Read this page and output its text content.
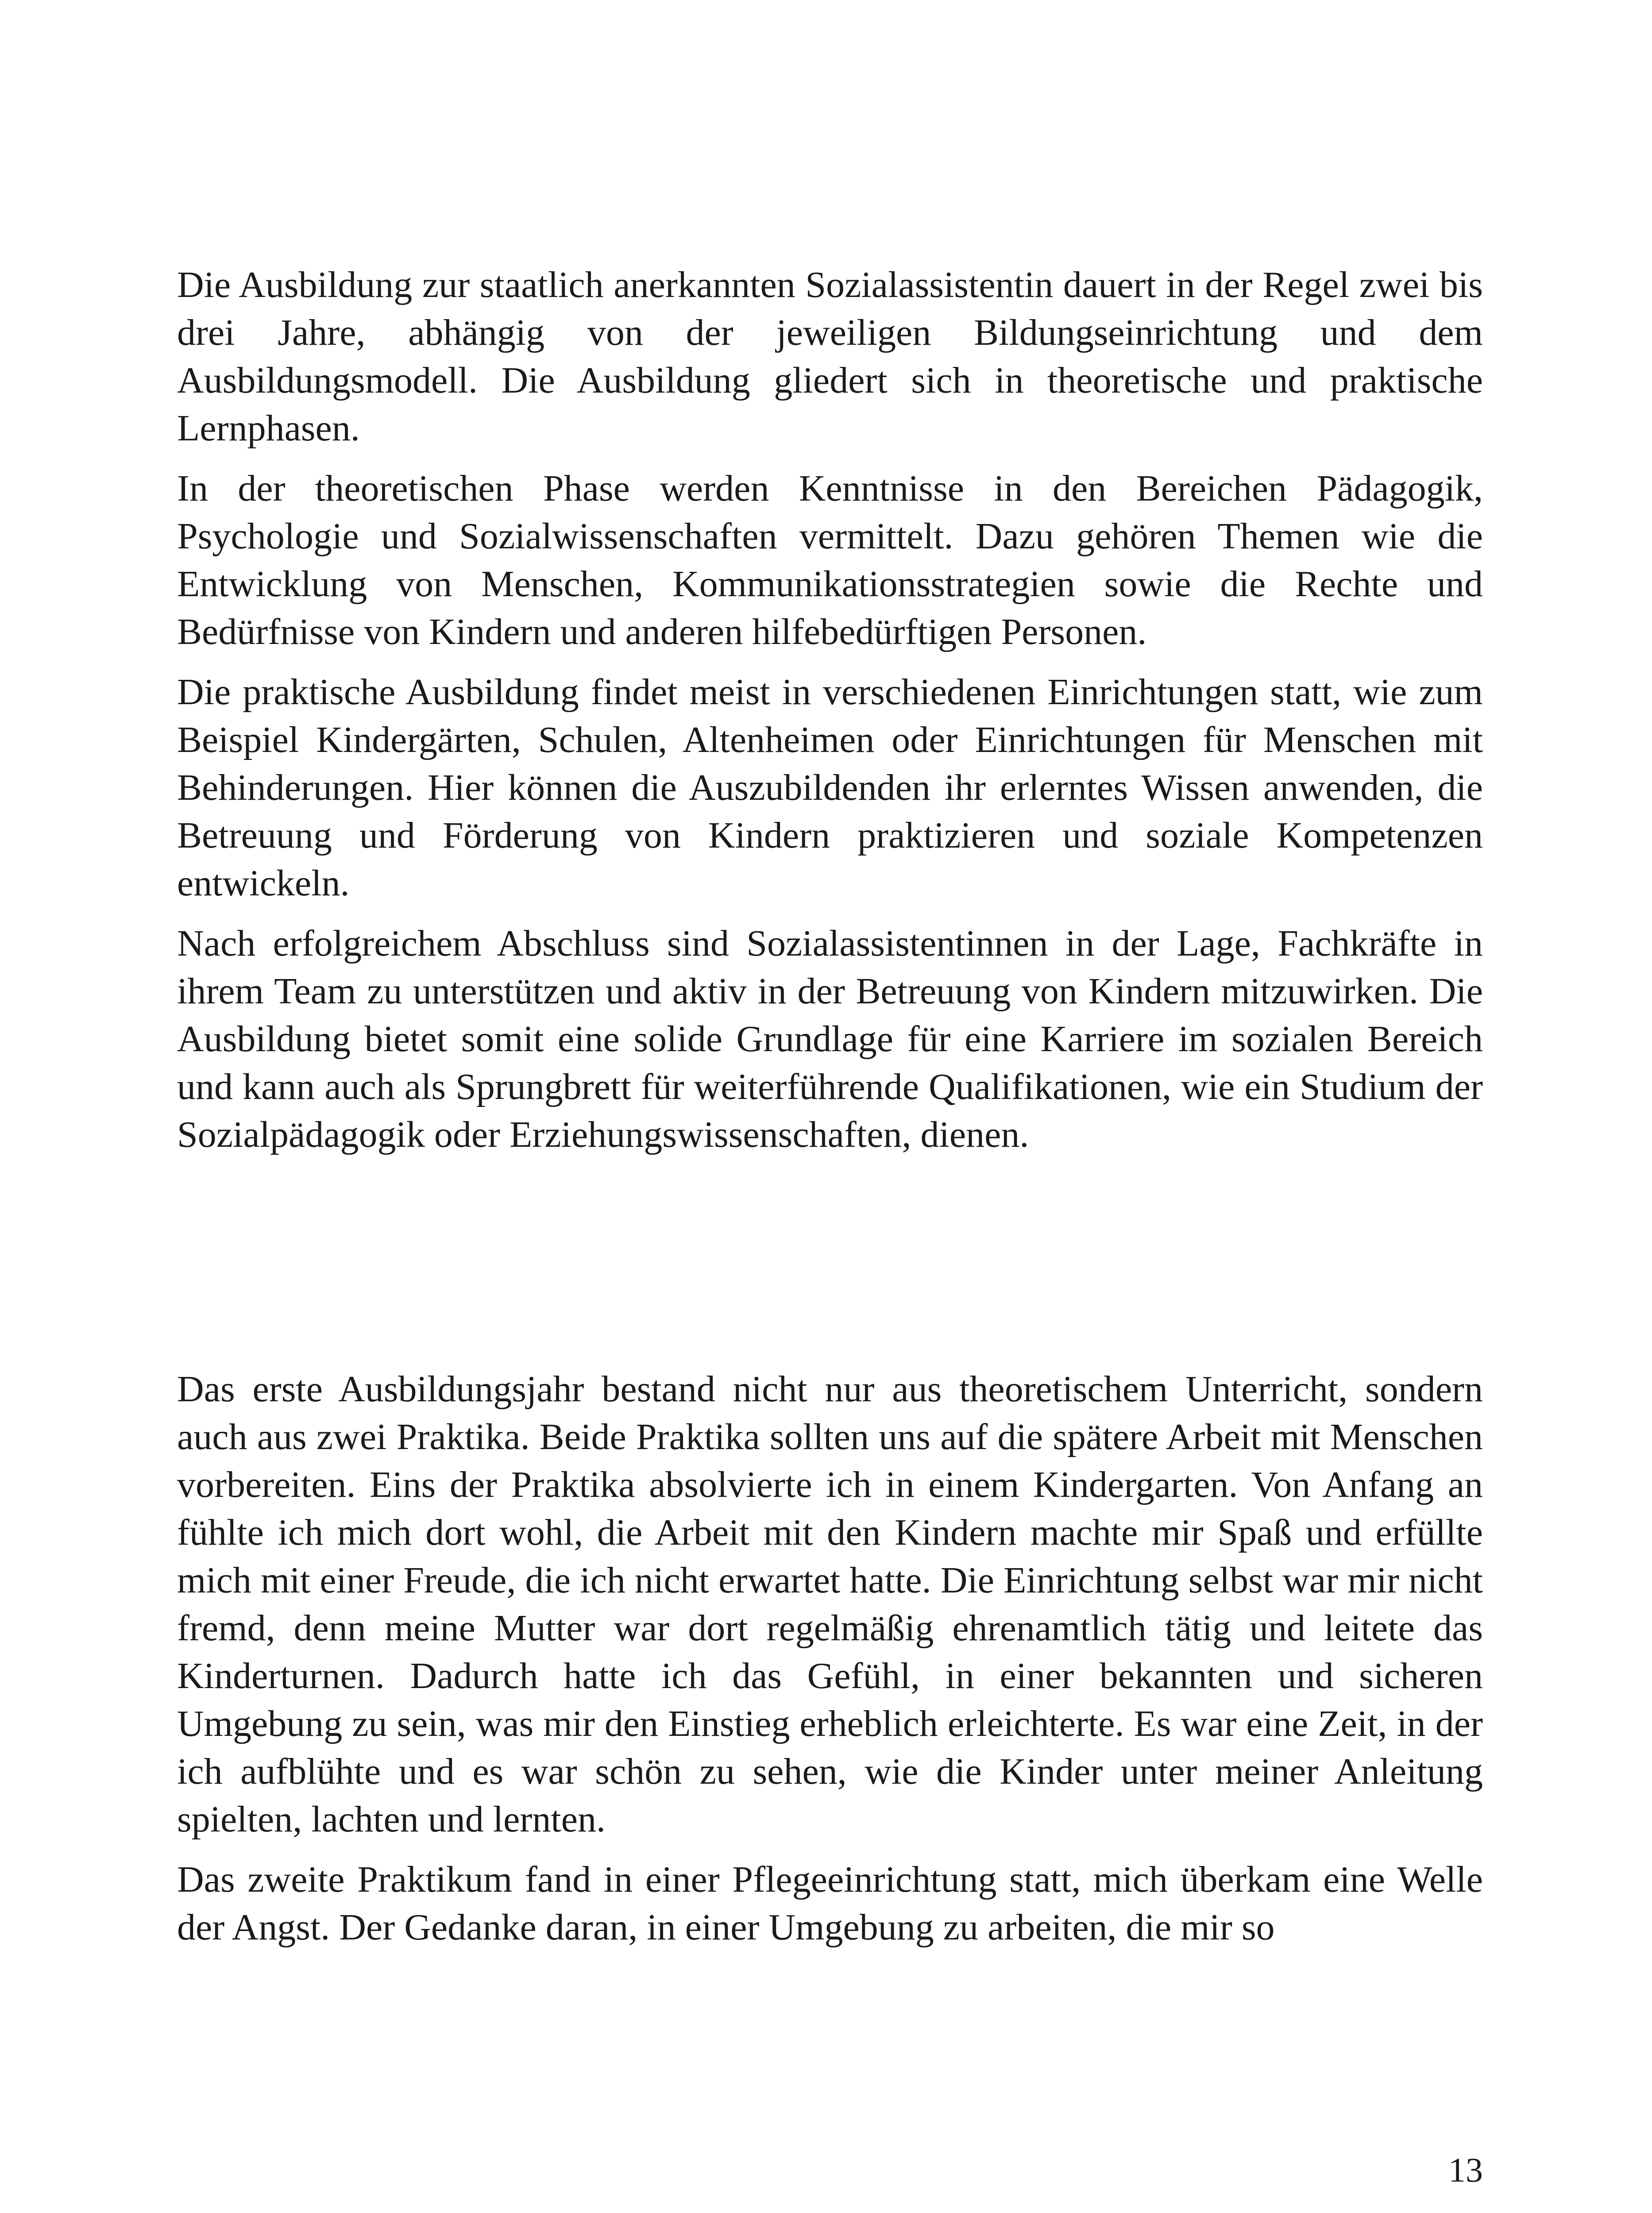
Die Ausbildung zur staatlich anerkannten Sozialassistentin dauert in der Regel zwei bis drei Jahre, abhängig von der jeweiligen Bildungseinrichtung und dem Ausbildungsmodell. Die Ausbildung gliedert sich in theoretische und praktische Lernphasen.

In der theoretischen Phase werden Kenntnisse in den Bereichen Pädagogik, Psychologie und Sozialwissenschaften vermittelt. Dazu gehören Themen wie die Entwicklung von Menschen, Kommunikationsstrategien sowie die Rechte und Bedürfnisse von Kindern und anderen hilfebedürftigen Personen.

Die praktische Ausbildung findet meist in verschiedenen Einrichtungen statt, wie zum Beispiel Kindergärten, Schulen, Altenheimen oder Einrichtungen für Menschen mit Behinderungen. Hier können die Auszubildenden ihr erlerntes Wissen anwenden, die Betreuung und Förderung von Kindern praktizieren und soziale Kompetenzen entwickeln.

Nach erfolgreichem Abschluss sind Sozialassistentinnen in der Lage, Fachkräfte in ihrem Team zu unterstützen und aktiv in der Betreuung von Kindern mitzuwirken. Die Ausbildung bietet somit eine solide Grundlage für eine Karriere im sozialen Bereich und kann auch als Sprungbrett für weiterführende Qualifikationen, wie ein Studium der Sozialpädagogik oder Erziehungswissenschaften, dienen.

Das erste Ausbildungsjahr bestand nicht nur aus theoretischem Unterricht, sondern auch aus zwei Praktika. Beide Praktika sollten uns auf die spätere Arbeit mit Menschen vorbereiten. Eins der Praktika absolvierte ich in einem Kindergarten. Von Anfang an fühlte ich mich dort wohl, die Arbeit mit den Kindern machte mir Spaß und erfüllte mich mit einer Freude, die ich nicht erwartet hatte. Die Einrichtung selbst war mir nicht fremd, denn meine Mutter war dort regelmäßig ehrenamtlich tätig und leitete das Kinderturnen. Dadurch hatte ich das Gefühl, in einer bekannten und sicheren Umgebung zu sein, was mir den Einstieg erheblich erleichterte. Es war eine Zeit, in der ich aufblühte und es war schön zu sehen, wie die Kinder unter meiner Anleitung spielten, lachten und lernten.

Das zweite Praktikum fand in einer Pflegeeinrichtung statt, mich überkam eine Welle der Angst. Der Gedanke daran, in einer Umgebung zu arbeiten, die mir so

13
